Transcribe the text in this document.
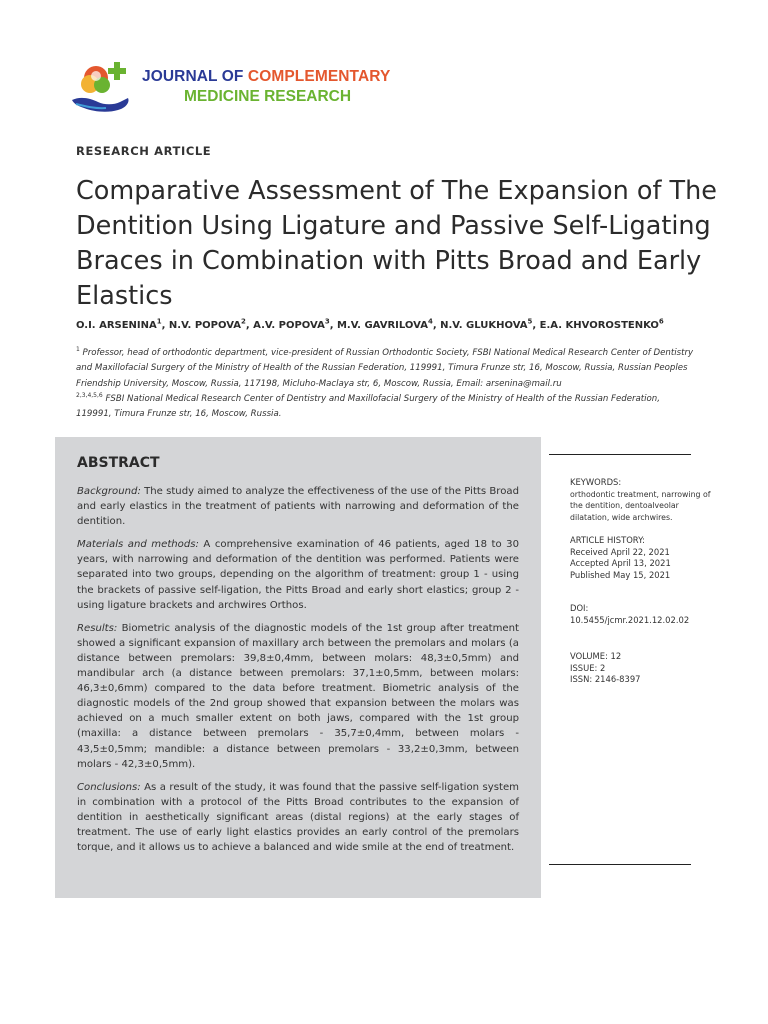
JOURNAL OF COMPLEMENTARY
MEDICINE RESEARCH
RESEARCH ARTICLE
Comparative Assessment of The Expansion of The Dentition Using Ligature and Passive Self-Ligating Braces in Combination with Pitts Broad and Early Elastics
O.I. ARSENINA$^1$, N.V. POPOVA$^2$, A.V. POPOVA$^3$, M.V. GAVRILOVA$^4$, N.V. GLUKHOVA$^5$, E.A. KHVOROSTENKO$^6$
$^1$ Professor, head of orthodontic department, vice-president of Russian Orthodontic Society, FSBI National Medical Research Center of Dentistry and Maxillofacial Surgery of the Ministry of Health of the Russian Federation, 119991, Timura Frunze str, 16, Moscow, Russia, Russian Peoples Friendship University, Moscow, Russia, 117198, Micluho-Maclaya str, 6, Moscow, Russia, Email: arsenina@mail.ru
$^{2,3,4,5,6}$ FSBI National Medical Research Center of Dentistry and Maxillofacial Surgery of the Ministry of Health of the Russian Federation, 119991, Timura Frunze str, 16, Moscow, Russia.
ABSTRACT

Background: The study aimed to analyze the effectiveness of the use of the Pitts Broad and early elastics in the treatment of patients with narrowing and deformation of the dentition.

Materials and methods: A comprehensive examination of 46 patients, aged 18 to 30 years, with narrowing and deformation of the dentition was performed. Patients were separated into two groups, depending on the algorithm of treatment: group 1 - using the brackets of passive self-ligation, the Pitts Broad and early short elastics; group 2 - using ligature brackets and archwires Orthos.

Results: Biometric analysis of the diagnostic models of the 1st group after treatment showed a significant expansion of maxillary arch between the premolars and molars (a distance between premolars: 39,8±0,4mm, between molars: 48,3±0,5mm) and mandibular arch (a distance between premolars: 37,1±0,5mm, between molars: 46,3±0,6mm) compared to the data before treatment. Biometric analysis of the diagnostic models of the 2nd group showed that expansion between the molars was achieved on a much smaller extent on both jaws, compared with the 1st group (maxilla: a distance between premolars - 35,7±0,4mm, between molars - 43,5±0,5mm; mandible: a distance between premolars - 33,2±0,3mm, between molars - 42,3±0,5mm).

Conclusions: As a result of the study, it was found that the passive self-ligation system in combination with a protocol of the Pitts Broad contributes to the expansion of dentition in aesthetically significant areas (distal regions) at the early stages of treatment. The use of early light elastics provides an early control of the premolars torque, and it allows us to achieve a balanced and wide smile at the end of treatment.

KEYWORDS:
orthodontic treatment, narrowing of the dentition, dentoalveolar dilatation, wide archwires.
ARTICLE HISTORY:
Received April 22, 2021
Accepted April 13, 2021
Published May 15, 2021
DOI:
10.5455/jcmr.2021.12.02.02
VOLUME: 12
ISSUE: 2
ISSN: 2146-8397
